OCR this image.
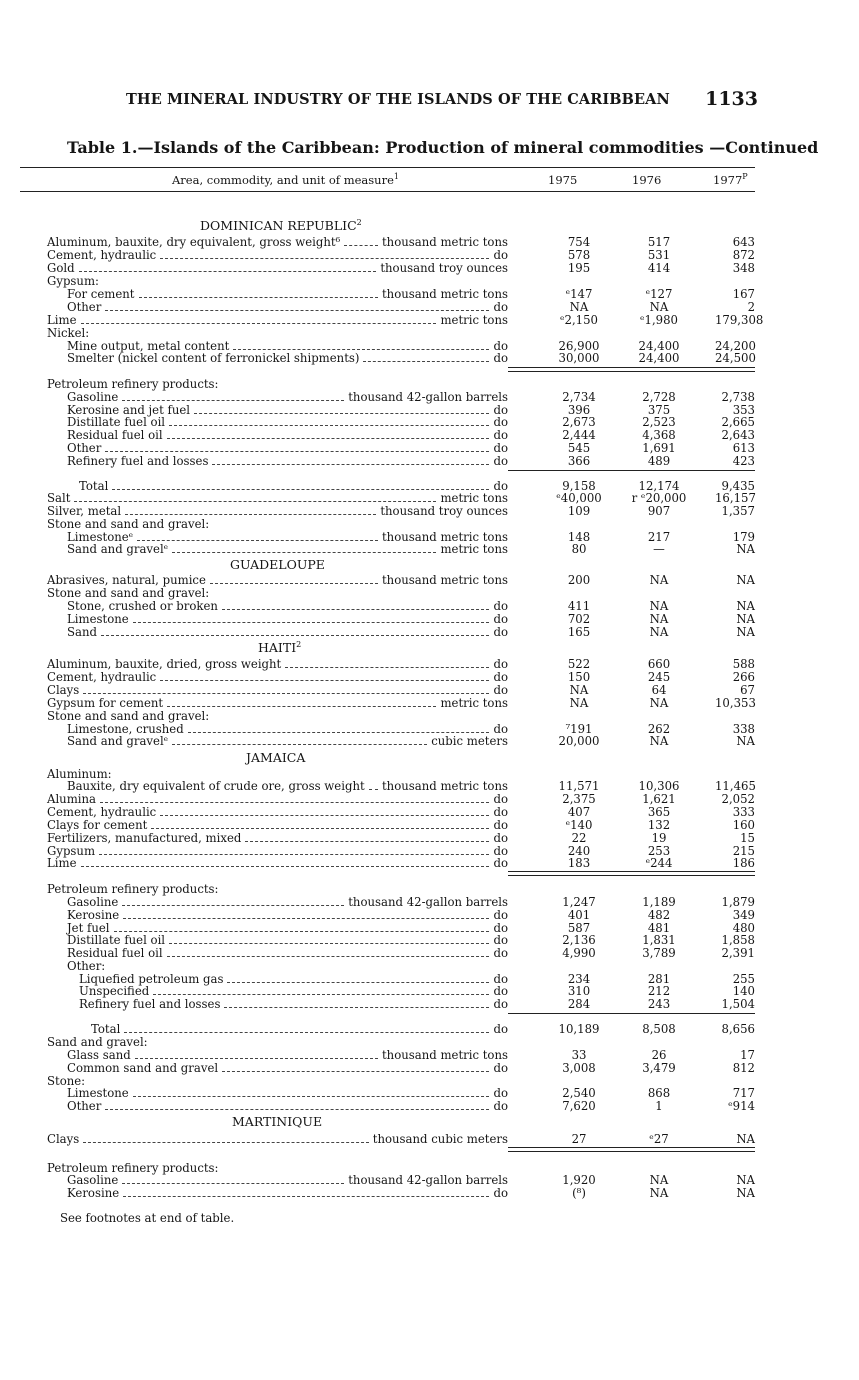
THE MINERAL INDUSTRY OF THE ISLANDS OF THE CARIBBEAN 1133
Table 1.—Islands of the Caribbean: Production of mineral commodities —Continued
Area, commodity, and unit of measure$^1$	1975	1976	$1977^P$
DOMINICAN REPUBLIC$^2$
GUADELOUPE
HAITI$^2$
JAMAICA
MARTINIQUE
Aluminum, bauxite, dry equivalent, gross weight⁶	thousand metric tons	754	517	643
Cement, hydraulic	do	578	531	872
Gold	thousand troy ounces	195	414	348
Gypsum:
For cement	thousand metric tons	ᵉ147	ᵉ127	167
Other	do	NA	NA	2
Lime	metric tons	ᵉ2,150	ᵉ1,980	179,308
Nickel:
Mine output, metal content	do	26,900	24,400	24,200
Smelter (nickel content of ferronickel shipments)	do	30,000	24,400	24,500
Petroleum refinery products:
Gasoline	thousand 42-gallon barrels	2,734	2,728	2,738
Kerosine and jet fuel	do	396	375	353
Distillate fuel oil	do	2,673	2,523	2,665
Residual fuel oil	do	2,444	4,368	2,643
Other	do	545	1,691	613
Refinery fuel and losses	do	366	489	423
Total	do	9,158	12,174	9,435
Salt	metric tons	ᵉ40,000	r ᵉ20,000	16,157
Silver, metal	thousand troy ounces	109	907	1,357
Stone and sand and gravel:
Limestoneᵉ	thousand metric tons	148	217	179
Sand and gravelᵉ	metric tons	80	—	NA
Abrasives, natural, pumice	thousand metric tons	200	NA	NA
Stone and sand and gravel:
Stone, crushed or broken	do	411	NA	NA
Limestone	do	702	NA	NA
Sand	do	165	NA	NA
Aluminum, bauxite, dried, gross weight	do	522	660	588
Cement, hydraulic	do	150	245	266
Clays	do	NA	64	67
Gypsum for cement	metric tons	NA	NA	10,353
Stone and sand and gravel:
Limestone, crushed	do	⁷191	262	338
Sand and gravelᵉ	cubic meters	20,000	NA	NA
Aluminum:
Bauxite, dry equivalent of crude ore, gross weight thousand metric tons	11,571	10,306	11,465
Alumina	do	2,375	1,621	2,052
Cement, hydraulic	do	407	365	333
Clays for cement	do	ᵉ140	132	160
Fertilizers, manufactured, mixed	do	22	19	15
Gypsum	do	240	253	215
Lime	do	183	ᵉ244	186
Petroleum refinery products:
Gasoline	thousand 42-gallon barrels	1,247	1,189	1,879
Kerosine	do	401	482	349
Jet fuel	do	587	481	480
Distillate fuel oil	do	2,136	1,831	1,858
Residual fuel oil	do	4,990	3,789	2,391
Other:
Liquefied petroleum gas	do	234	281	255
Unspecified	do	310	212	140
Refinery fuel and losses	do	284	243	1,504
Total	do	10,189	8,508	8,656
Sand and gravel:
Glass sand	thousand metric tons	33	26	17
Common sand and gravel	do	3,008	3,479	812
Stone:
Limestone	do	2,540	868	717
Other	do	7,620	1	ᵉ914
Clays	thousand cubic meters	27	ᵉ27	NA
Petroleum refinery products:
Gasoline	thousand 42-gallon barrels	1,920	NA	NA
Kerosine	do	(⁸)	NA	NA
See footnotes at end of table.
